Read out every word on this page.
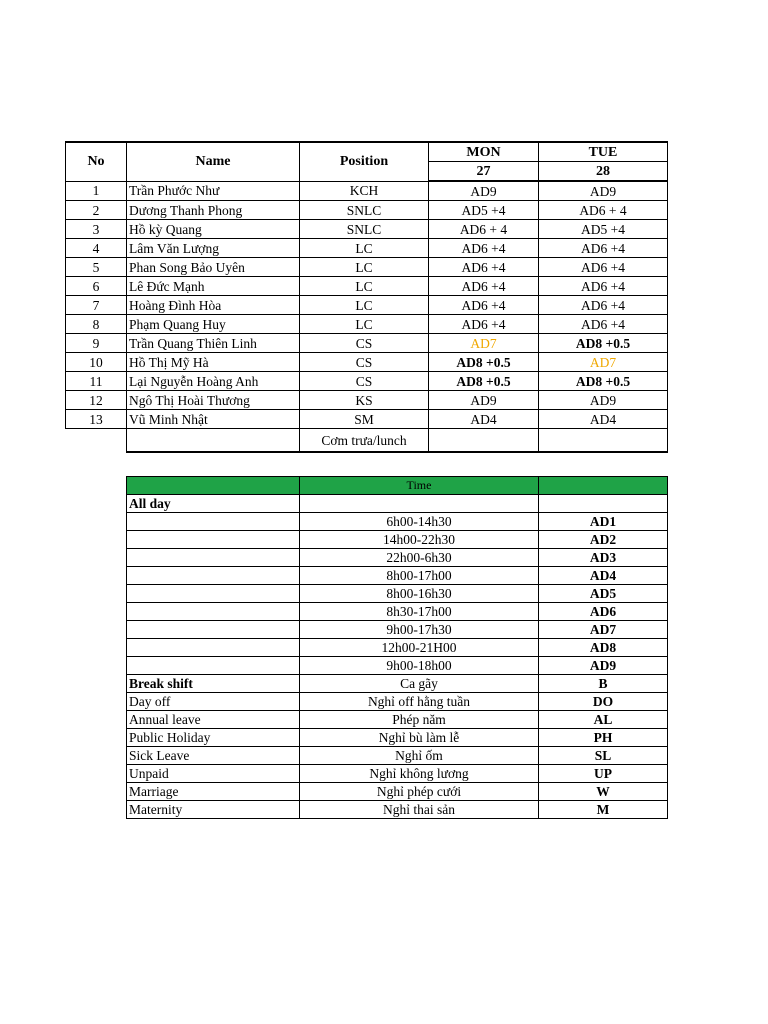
No	Name	Position	MON	TUE
			27	28
1	Trần Phước Như	KCH	AD9	AD9
2	Dương Thanh Phong	SNLC	AD5 +4	AD6 + 4
3	Hồ kỳ Quang	SNLC	AD6 + 4	AD5 +4
4	Lâm Văn Lượng	LC	AD6 +4	AD6 +4
5	Phan Song Bảo Uyên	LC	AD6 +4	AD6 +4
6	Lê Đức Mạnh	LC	AD6 +4	AD6 +4
7	Hoàng Đình Hòa	LC	AD6 +4	AD6 +4
8	Phạm Quang Huy	LC	AD6 +4	AD6 +4
9	Trần Quang Thiên Linh	CS	AD7	AD8 +0.5
10	Hồ Thị Mỹ Hà	CS	AD8 +0.5	AD7
11	Lại Nguyễn Hoàng Anh	CS	AD8 +0.5	AD8 +0.5
12	Ngô Thị Hoài Thương	KS	AD9	AD9
13	Vũ Minh Nhật	SM	AD4	AD4
		Cơm trưa/lunch		
	Time	
All day		
	6h00-14h30	AD1
	14h00-22h30	AD2
	22h00-6h30	AD3
	8h00-17h00	AD4
	8h00-16h30	AD5
	8h30-17h00	AD6
	9h00-17h30	AD7
	12h00-21H00	AD8
	9h00-18h00	AD9
Break shift	Ca gãy	B
Day off	Nghỉ off hằng tuần	DO
Annual leave	Phép năm	AL
Public Holiday	Nghỉ bù làm lễ	PH
Sick Leave	Nghỉ ốm	SL
Unpaid	Nghỉ không lương	UP
Marriage	Nghỉ phép cưới	W
Maternity	Nghỉ thai sản	M
